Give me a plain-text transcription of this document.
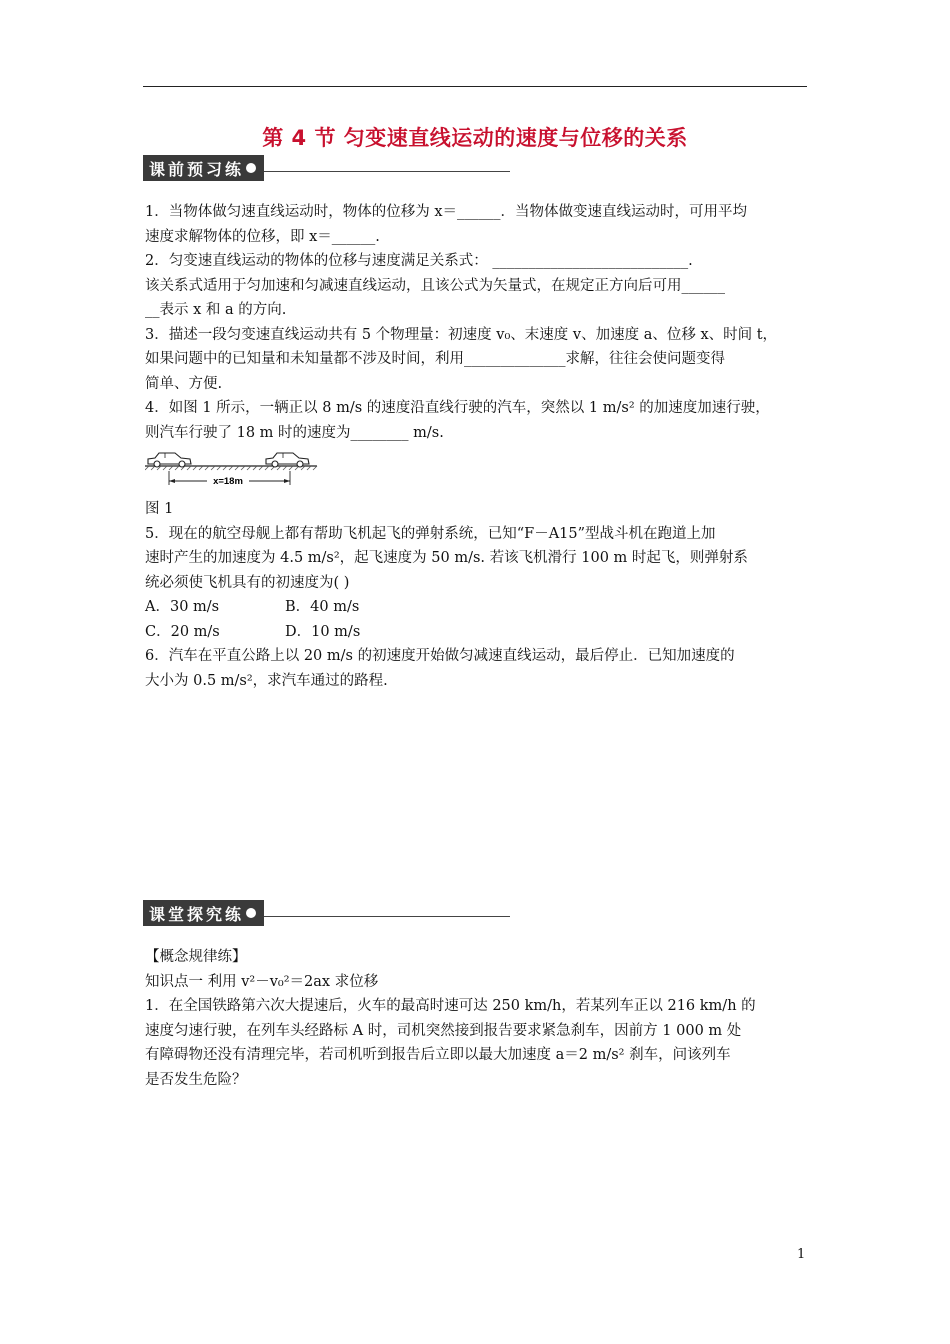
第 4 节 匀变速直线运动的速度与位移的关系
课前预习练

1．当物体做匀速直线运动时，物体的位移为 x＝______．当物体做变速直线运动时，可用平均

速度求解物体的位移，即 x＝______.

2．匀变速直线运动的物体的位移与速度满足关系式： ___________________________.

该关系式适用于匀加速和匀减速直线运动，且该公式为矢量式，在规定正方向后可用______

__表示 x 和 a 的方向.

3．描述一段匀变速直线运动共有 5 个物理量：初速度 v₀、末速度 v、加速度 a、位移 x、时间 t，

如果问题中的已知量和未知量都不涉及时间，利用______________求解，往往会使问题变得

简单、方便.

4．如图 1 所示，一辆正以 8 m/s 的速度沿直线行驶的汽车，突然以 1 m/s² 的加速度加速行驶，

则汽车行驶了 18 m 时的速度为________ m/s.

x=18m

图 1

5．现在的航空母舰上都有帮助飞机起飞的弹射系统，已知“F－A15”型战斗机在跑道上加

速时产生的加速度为 4.5 m/s²，起飞速度为 50 m/s. 若该飞机滑行 100 m 时起飞，则弹射系

统必须使飞机具有的初速度为( )

A．30 m/s	B．40 m/s
C．20 m/s	D．10 m/s

6．汽车在平直公路上以 20 m/s 的初速度开始做匀减速直线运动，最后停止．已知加速度的

大小为 0.5 m/s²，求汽车通过的路程.

课堂探究练

【概念规律练】

知识点一 利用 v²－v₀²＝2ax 求位移

1．在全国铁路第六次大提速后，火车的最高时速可达 250 km/h，若某列车正以 216 km/h 的

速度匀速行驶，在列车头经路标 A 时，司机突然接到报告要求紧急刹车，因前方 1 000 m 处

有障碍物还没有清理完毕，若司机听到报告后立即以最大加速度 a＝2 m/s² 刹车，问该列车

是否发生危险？

1
